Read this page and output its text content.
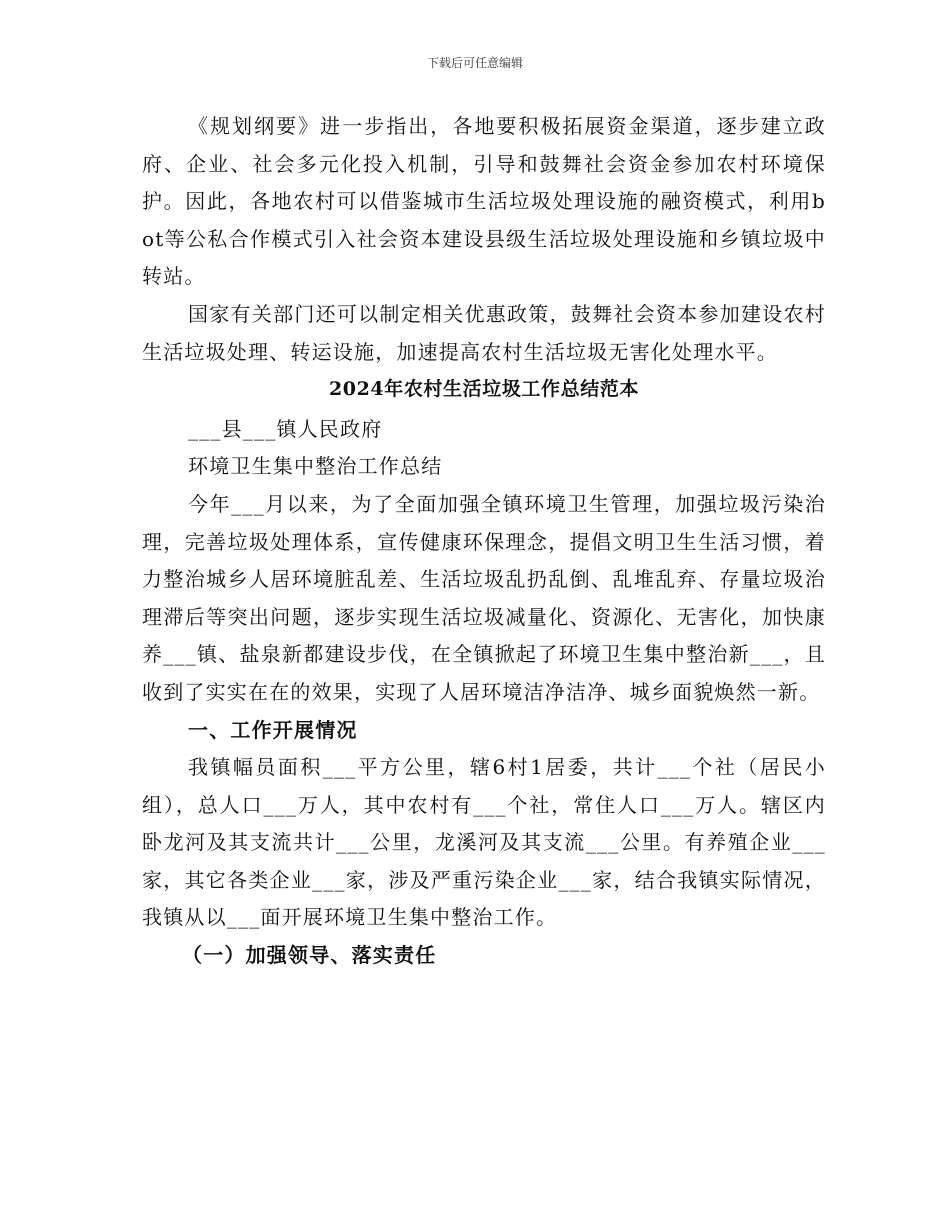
下载后可任意编辑

《规划纲要》进一步指出，各地要积极拓展资金渠道，逐步建立政府、企业、社会多元化投入机制，引导和鼓舞社会资金参加农村环境保护。因此，各地农村可以借鉴城市生活垃圾处理设施的融资模式，利用bot等公私合作模式引入社会资本建设县级生活垃圾处理设施和乡镇垃圾中转站。

国家有关部门还可以制定相关优惠政策，鼓舞社会资本参加建设农村生活垃圾处理、转运设施，加速提高农村生活垃圾无害化处理水平。

2024年农村生活垃圾工作总结范本

___县___镇人民政府

环境卫生集中整治工作总结

今年___月以来，为了全面加强全镇环境卫生管理，加强垃圾污染治理，完善垃圾处理体系，宣传健康环保理念，提倡文明卫生生活习惯，着力整治城乡人居环境脏乱差、生活垃圾乱扔乱倒、乱堆乱弃、存量垃圾治理滞后等突出问题，逐步实现生活垃圾减量化、资源化、无害化，加快康养___镇、盐泉新都建设步伐，在全镇掀起了环境卫生集中整治新___，且收到了实实在在的效果，实现了人居环境洁净洁净、城乡面貌焕然一新。

一、工作开展情况

我镇幅员面积___平方公里，辖6村1居委，共计___个社（居民小组），总人口___万人，其中农村有___个社，常住人口___万人。辖区内卧龙河及其支流共计___公里，龙溪河及其支流___公里。有养殖企业___家，其它各类企业___家，涉及严重污染企业___家，结合我镇实际情况，我镇从以___面开展环境卫生集中整治工作。

（一）加强领导、落实责任
